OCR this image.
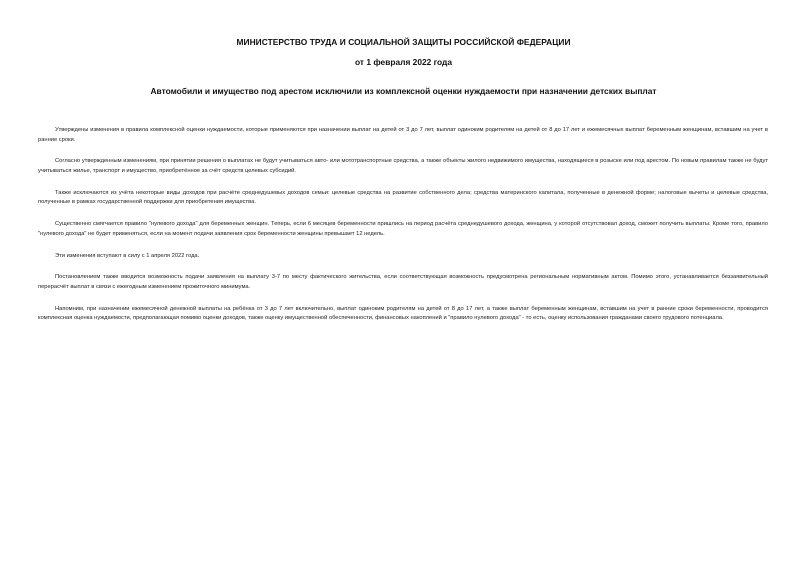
МИНИСТЕРСТВО ТРУДА И СОЦИАЛЬНОЙ ЗАЩИТЫ РОССИЙСКОЙ ФЕДЕРАЦИИ
от 1 февраля 2022 года
Автомобили и имущество под арестом исключили из комплексной оценки нуждаемости при назначении детских выплат

Утверждены изменения в правила комплексной оценки нуждаемости, которые применяются при назначении выплат на детей от 3 до 7 лет, выплат одиноким родителям на детей от 8 до 17 лет и ежемесячных выплат беременным женщинам, вставшим на учет в ранние сроки.

Согласно утвержденным изменениям, при принятии решения о выплатах не будут учитываться авто- или мототранспортные средства, а также объекты жилого недвижимого имущества, находящиеся в розыске или под арестом. По новым правилам также не будут учитываться жилье, транспорт и имущество, приобретённое за счёт средств целевых субсидий.

Также исключаются из учёта некоторые виды доходов при расчёте среднедушевых доходов семьи: целевые средства на развитие собственного дела; средства материнского капитала, полученные в денежной форме; налоговые вычеты и целевые средства, полученные в рамках государственной поддержки для приобретения имущества.

Существенно смягчается правило "нулевого дохода" для беременных женщин. Теперь, если 6 месяцев беременности пришлись на период расчёта среднедушевого дохода, женщина, у которой отсутствовал доход, сможет получить выплаты. Кроме того, правило "нулевого дохода" не будет применяться, если на момент подачи заявления срок беременности женщины превышает 12 недель.

Эти изменения вступают в силу с 1 апреля 2022 года.

Постановлением также вводится возможность подачи заявления на выплату 3-7 по месту фактического жительства, если соответствующая возможность предусмотрена региональным нормативным актом. Помимо этого, устанавливается беззаявительный перерасчёт выплат в связи с ежегодным изменением прожиточного минимума.

Напомним, при назначении ежемесячной денежной выплаты на ребёнка от 3 до 7 лет включительно, выплат одиноким родителям на детей от 8 до 17 лет, а также выплат беременным женщинам, вставшим на учет в ранние сроки беременности, проводится комплексная оценка нуждаемости, предполагающая помимо оценки доходов, также оценку имущественной обеспеченности, финансовых накоплений и "правило нулевого дохода" - то есть, оценку использования гражданами своего трудового потенциала.
